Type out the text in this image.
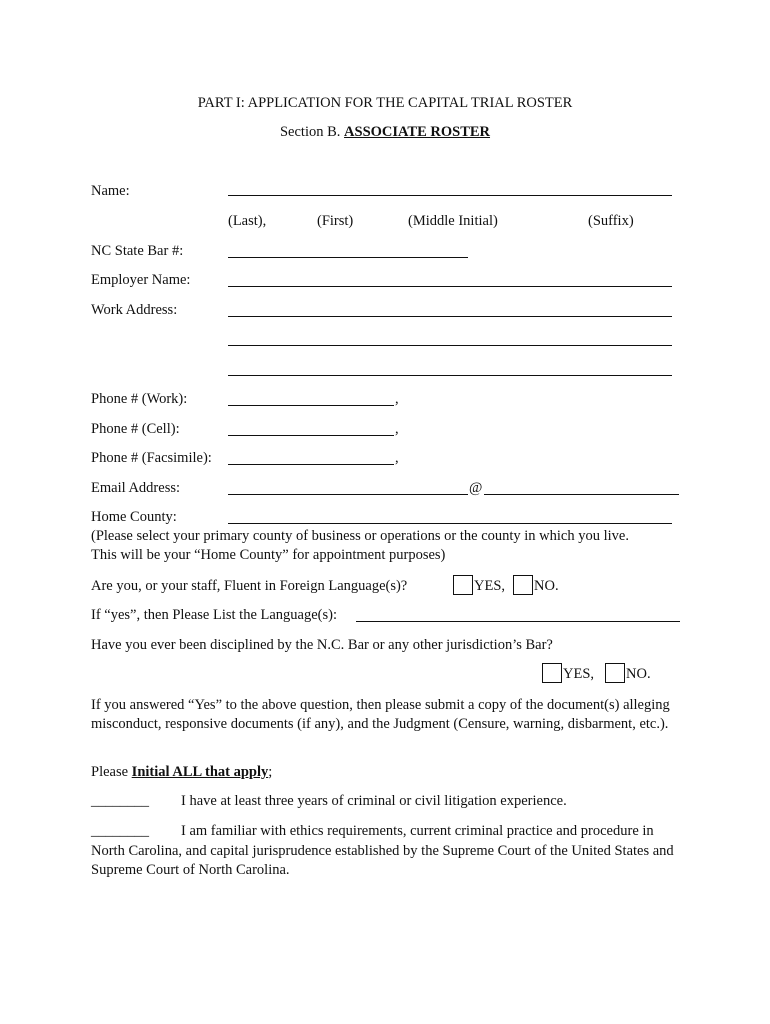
PART I: APPLICATION FOR THE CAPITAL TRIAL ROSTER
Section B. ASSOCIATE ROSTER
Name:
(Last),	(First)	(Middle Initial)	(Suffix)
NC State Bar #:
Employer Name:
Work Address:
Phone # (Work):	,
Phone # (Cell):	,
Phone # (Facsimile):	,
Email Address:	@
Home County:
(Please select your primary county of business or operations or the county in which you live.
This will be your “Home County” for appointment purposes)
Are you, or your staff, Fluent in Foreign Language(s)?	YES, NO.
If “yes”, then Please List the Language(s):
Have you ever been disciplined by the N.C. Bar or any other jurisdiction’s Bar?
YES, NO.
If you answered “Yes” to the above question, then please submit a copy of the document(s) alleging misconduct, responsive documents (if any), and the Judgment (Censure, warning, disbarment, etc.).
Please Initial ALL that apply;
________ I have at least three years of criminal or civil litigation experience.
________ I am familiar with ethics requirements, current criminal practice and procedure in
North Carolina, and capital jurisprudence established by the Supreme Court of the United States and Supreme Court of North Carolina.
